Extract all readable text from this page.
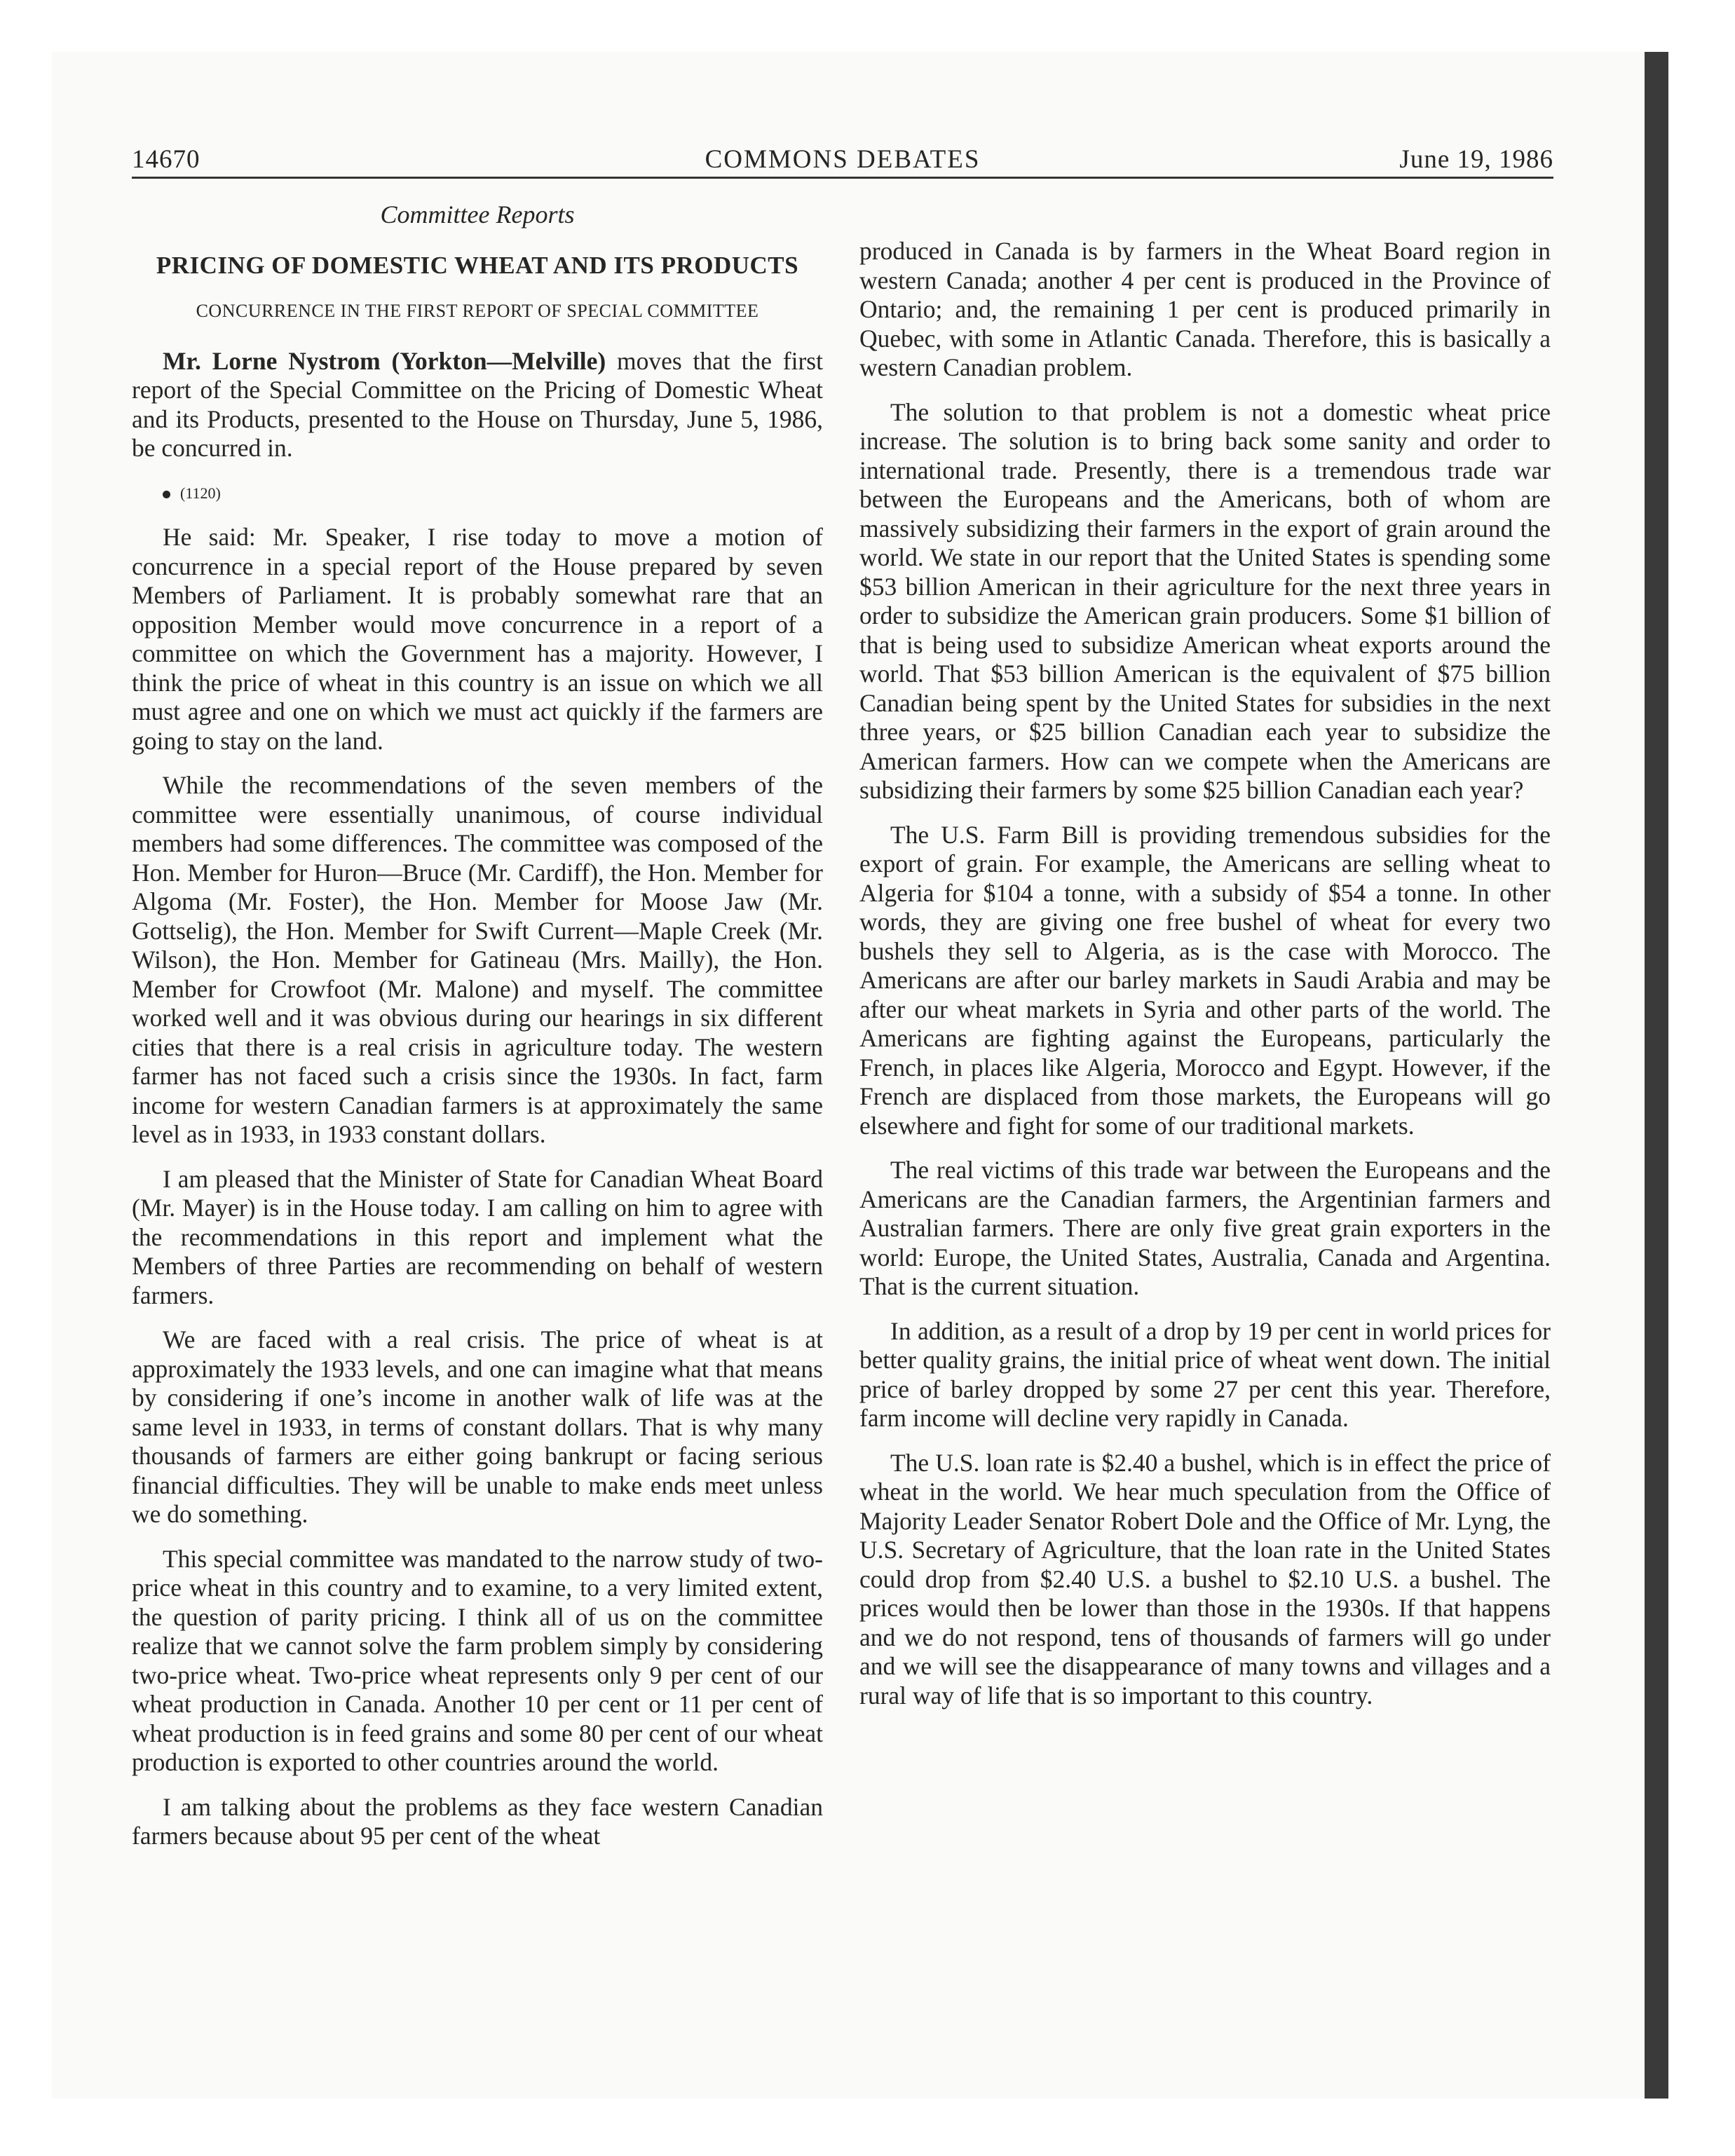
14670	COMMONS DEBATES	June 19, 1986
Committee Reports
PRICING OF DOMESTIC WHEAT AND ITS PRODUCTS
CONCURRENCE IN THE FIRST REPORT OF SPECIAL COMMITTEE

Mr. Lorne Nystrom (Yorkton—Melville) moves that the first report of the Special Committee on the Pricing of Domestic Wheat and its Products, presented to the House on Thursday, June 5, 1986, be concurred in.

(1120)

He said: Mr. Speaker, I rise today to move a motion of concurrence in a special report of the House prepared by seven Members of Parliament. It is probably somewhat rare that an opposition Member would move concurrence in a report of a committee on which the Government has a majority. However, I think the price of wheat in this country is an issue on which we all must agree and one on which we must act quickly if the farmers are going to stay on the land.

While the recommendations of the seven members of the committee were essentially unanimous, of course individual members had some differences. The committee was composed of the Hon. Member for Huron—Bruce (Mr. Cardiff), the Hon. Member for Algoma (Mr. Foster), the Hon. Member for Moose Jaw (Mr. Gottselig), the Hon. Member for Swift Current—Maple Creek (Mr. Wilson), the Hon. Member for Gatineau (Mrs. Mailly), the Hon. Member for Crowfoot (Mr. Malone) and myself. The committee worked well and it was obvious during our hearings in six different cities that there is a real crisis in agriculture today. The western farmer has not faced such a crisis since the 1930s. In fact, farm income for western Canadian farmers is at approximately the same level as in 1933, in 1933 constant dollars.

I am pleased that the Minister of State for Canadian Wheat Board (Mr. Mayer) is in the House today. I am calling on him to agree with the recommendations in this report and implement what the Members of three Parties are recommending on behalf of western farmers.

We are faced with a real crisis. The price of wheat is at approximately the 1933 levels, and one can imagine what that means by considering if one’s income in another walk of life was at the same level in 1933, in terms of constant dollars. That is why many thousands of farmers are either going bankrupt or facing serious financial difficulties. They will be unable to make ends meet unless we do something.

This special committee was mandated to the narrow study of two-price wheat in this country and to examine, to a very limited extent, the question of parity pricing. I think all of us on the committee realize that we cannot solve the farm problem simply by considering two-price wheat. Two-price wheat represents only 9 per cent of our wheat production in Canada. Another 10 per cent or 11 per cent of wheat production is in feed grains and some 80 per cent of our wheat production is exported to other countries around the world.

I am talking about the problems as they face western Canadian farmers because about 95 per cent of the wheat

produced in Canada is by farmers in the Wheat Board region in western Canada; another 4 per cent is produced in the Province of Ontario; and, the remaining 1 per cent is produced primarily in Quebec, with some in Atlantic Canada. Therefore, this is basically a western Canadian problem.

The solution to that problem is not a domestic wheat price increase. The solution is to bring back some sanity and order to international trade. Presently, there is a tremendous trade war between the Europeans and the Americans, both of whom are massively subsidizing their farmers in the export of grain around the world. We state in our report that the United States is spending some $53 billion American in their agriculture for the next three years in order to subsidize the American grain producers. Some $1 billion of that is being used to subsidize American wheat exports around the world. That $53 billion American is the equivalent of $75 billion Canadian being spent by the United States for subsidies in the next three years, or $25 billion Canadian each year to subsidize the American farmers. How can we compete when the Americans are subsidizing their farmers by some $25 billion Canadian each year?

The U.S. Farm Bill is providing tremendous subsidies for the export of grain. For example, the Americans are selling wheat to Algeria for $104 a tonne, with a subsidy of $54 a tonne. In other words, they are giving one free bushel of wheat for every two bushels they sell to Algeria, as is the case with Morocco. The Americans are after our barley markets in Saudi Arabia and may be after our wheat markets in Syria and other parts of the world. The Americans are fighting against the Europeans, particularly the French, in places like Algeria, Morocco and Egypt. However, if the French are displaced from those markets, the Europeans will go elsewhere and fight for some of our traditional markets.

The real victims of this trade war between the Europeans and the Americans are the Canadian farmers, the Argentinian farmers and Australian farmers. There are only five great grain exporters in the world: Europe, the United States, Australia, Canada and Argentina. That is the current situation.

In addition, as a result of a drop by 19 per cent in world prices for better quality grains, the initial price of wheat went down. The initial price of barley dropped by some 27 per cent this year. Therefore, farm income will decline very rapidly in Canada.

The U.S. loan rate is $2.40 a bushel, which is in effect the price of wheat in the world. We hear much speculation from the Office of Majority Leader Senator Robert Dole and the Office of Mr. Lyng, the U.S. Secretary of Agriculture, that the loan rate in the United States could drop from $2.40 U.S. a bushel to $2.10 U.S. a bushel. The prices would then be lower than those in the 1930s. If that happens and we do not respond, tens of thousands of farmers will go under and we will see the disappearance of many towns and villages and a rural way of life that is so important to this country.
